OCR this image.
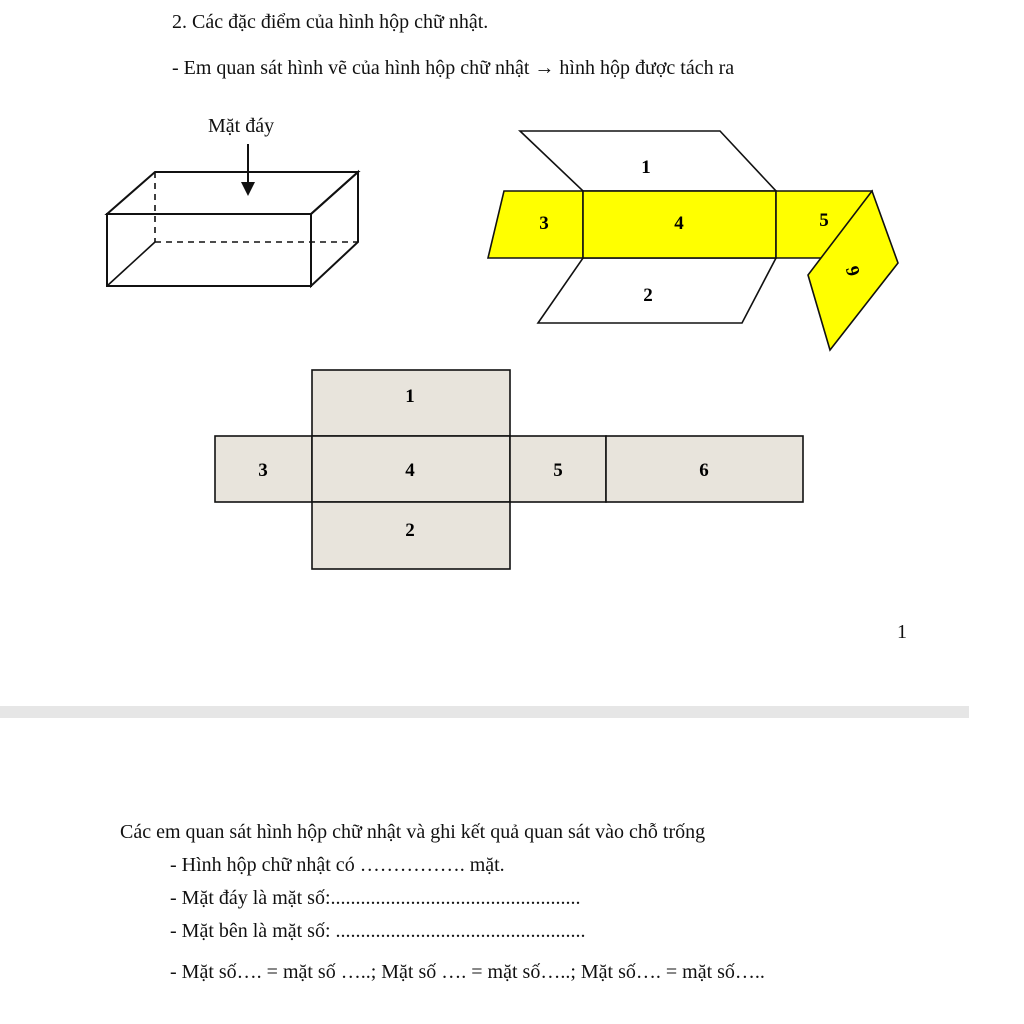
2. Các đặc điểm của hình hộp chữ nhật.
- Em quan sát hình vẽ của hình hộp chữ nhật → hình hộp được tách ra
Mặt đáy
1
2
3	4	5
6
1
3	4	5	6
2
1
Các em quan sát hình hộp chữ nhật và ghi kết quả quan sát vào chỗ trống
- Hình hộp chữ nhật có ……………. mặt.
- Mặt đáy là mặt số:..................................................
- Mặt bên là mặt số: ..................................................
- Mặt số…. = mặt số …..; Mặt số …. = mặt số…..; Mặt số…. = mặt số…..
